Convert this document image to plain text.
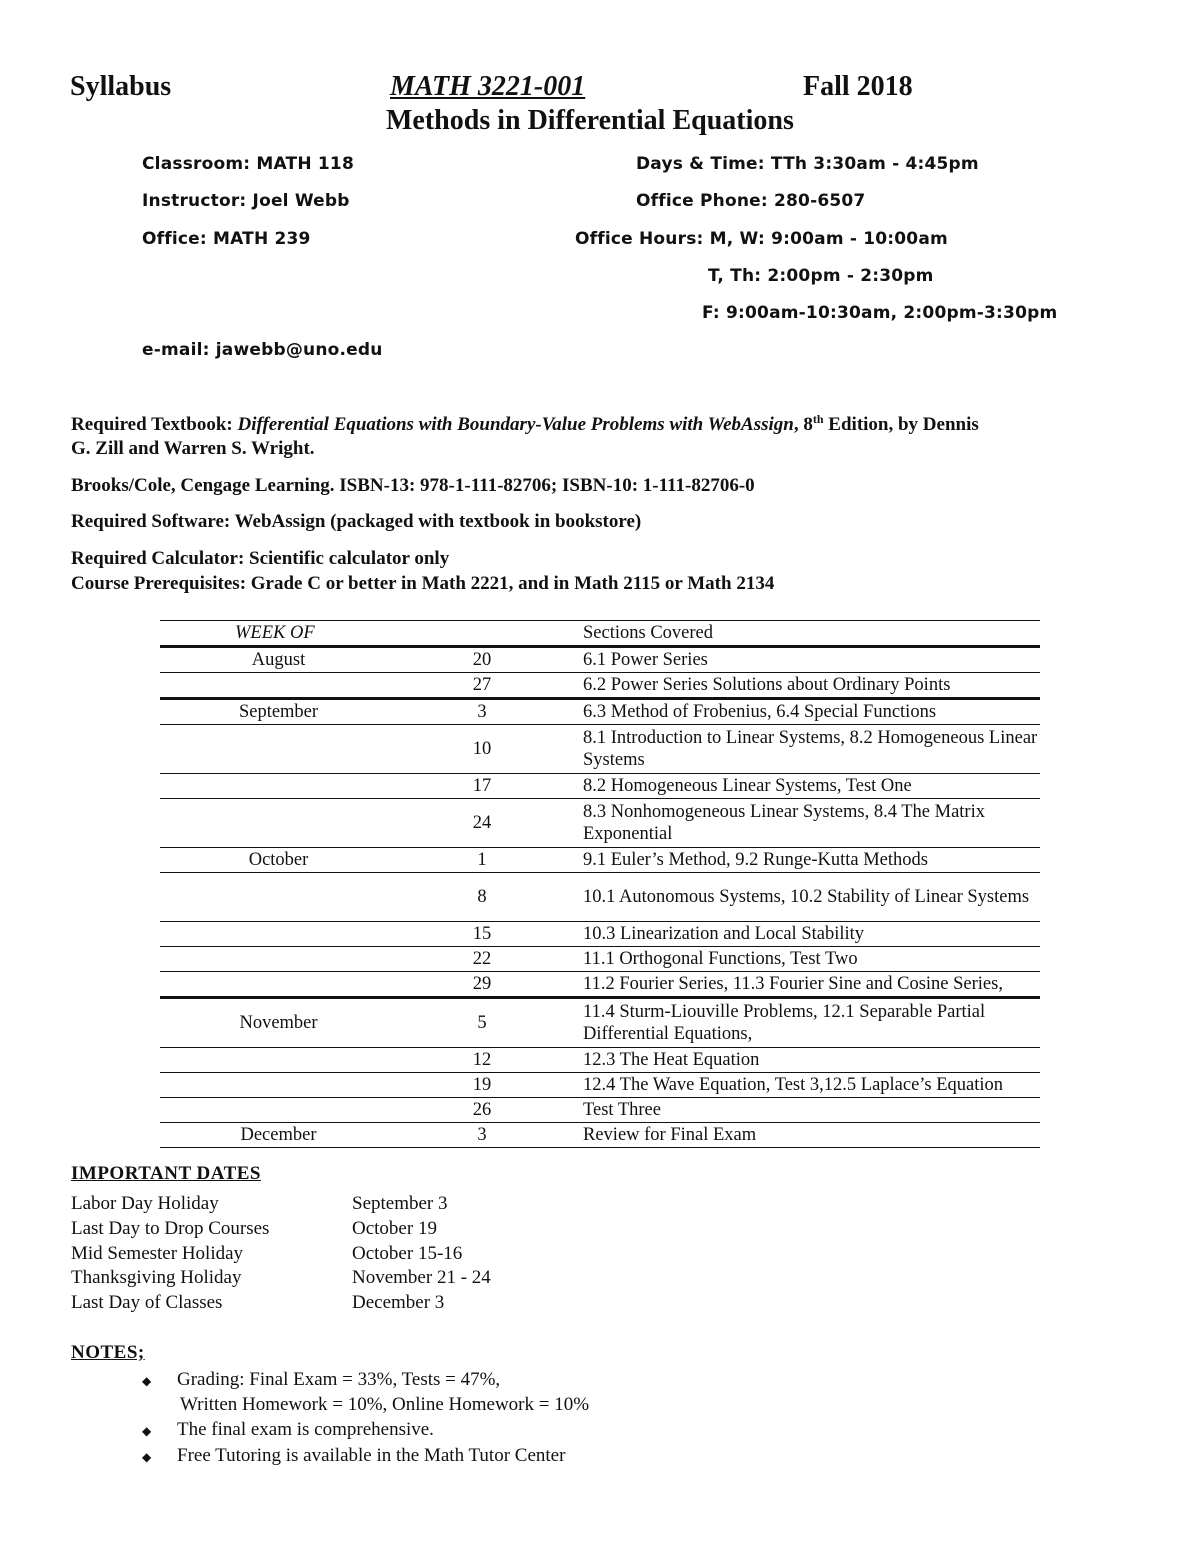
Syllabus	MATH 3221-001	Fall 2018
Methods in Differential Equations
Classroom: MATH 118
Instructor: Joel Webb
Office: MATH 239
e-mail: jawebb@uno.edu
Days & Time: TTh 3:30am - 4:45pm
Office Phone: 280-6507
Office Hours: M, W: 9:00am - 10:00am
T, Th: 2:00pm - 2:30pm
F: 9:00am-10:30am, 2:00pm-3:30pm
Required Textbook: Differential Equations with Boundary-Value Problems with WebAssign, 8th Edition, by Dennis
G. Zill and Warren S. Wright.
Brooks/Cole, Cengage Learning. ISBN-13: 978-1-111-82706; ISBN-10: 1-111-82706-0
Required Software: WebAssign (packaged with textbook in bookstore)
Required Calculator: Scientific calculator only
Course Prerequisites: Grade C or better in Math 2221, and in Math 2115 or Math 2134
WEEK OF		Sections Covered
August	20	6.1 Power Series
	27	6.2 Power Series Solutions about Ordinary Points
September	3	6.3 Method of Frobenius, 6.4 Special Functions
	10	8.1 Introduction to Linear Systems, 8.2 Homogeneous Linear Systems
	17	8.2 Homogeneous Linear Systems, Test One
	24	8.3 Nonhomogeneous Linear Systems, 8.4 The Matrix Exponential
October	1	9.1 Euler’s Method, 9.2 Runge-Kutta Methods
	8	10.1 Autonomous Systems, 10.2 Stability of Linear Systems
	15	10.3 Linearization and Local Stability
	22	11.1 Orthogonal Functions, Test Two
	29	11.2 Fourier Series, 11.3 Fourier Sine and Cosine Series,
November	5	11.4 Sturm-Liouville Problems, 12.1 Separable Partial Differential Equations,
	12	12.3 The Heat Equation
	19	12.4 The Wave Equation, Test 3,12.5 Laplace’s Equation
	26	Test Three
December	3	Review for Final Exam
IMPORTANT DATES
Labor Day Holiday	September 3
Last Day to Drop Courses	October 19
Mid Semester Holiday	October 15-16
Thanksgiving Holiday	November 21 - 24
Last Day of Classes	December 3
NOTES;
◆ Grading: Final Exam = 33%, Tests = 47%,
Written Homework = 10%, Online Homework = 10%
◆ The final exam is comprehensive.
◆ Free Tutoring is available in the Math Tutor Center
